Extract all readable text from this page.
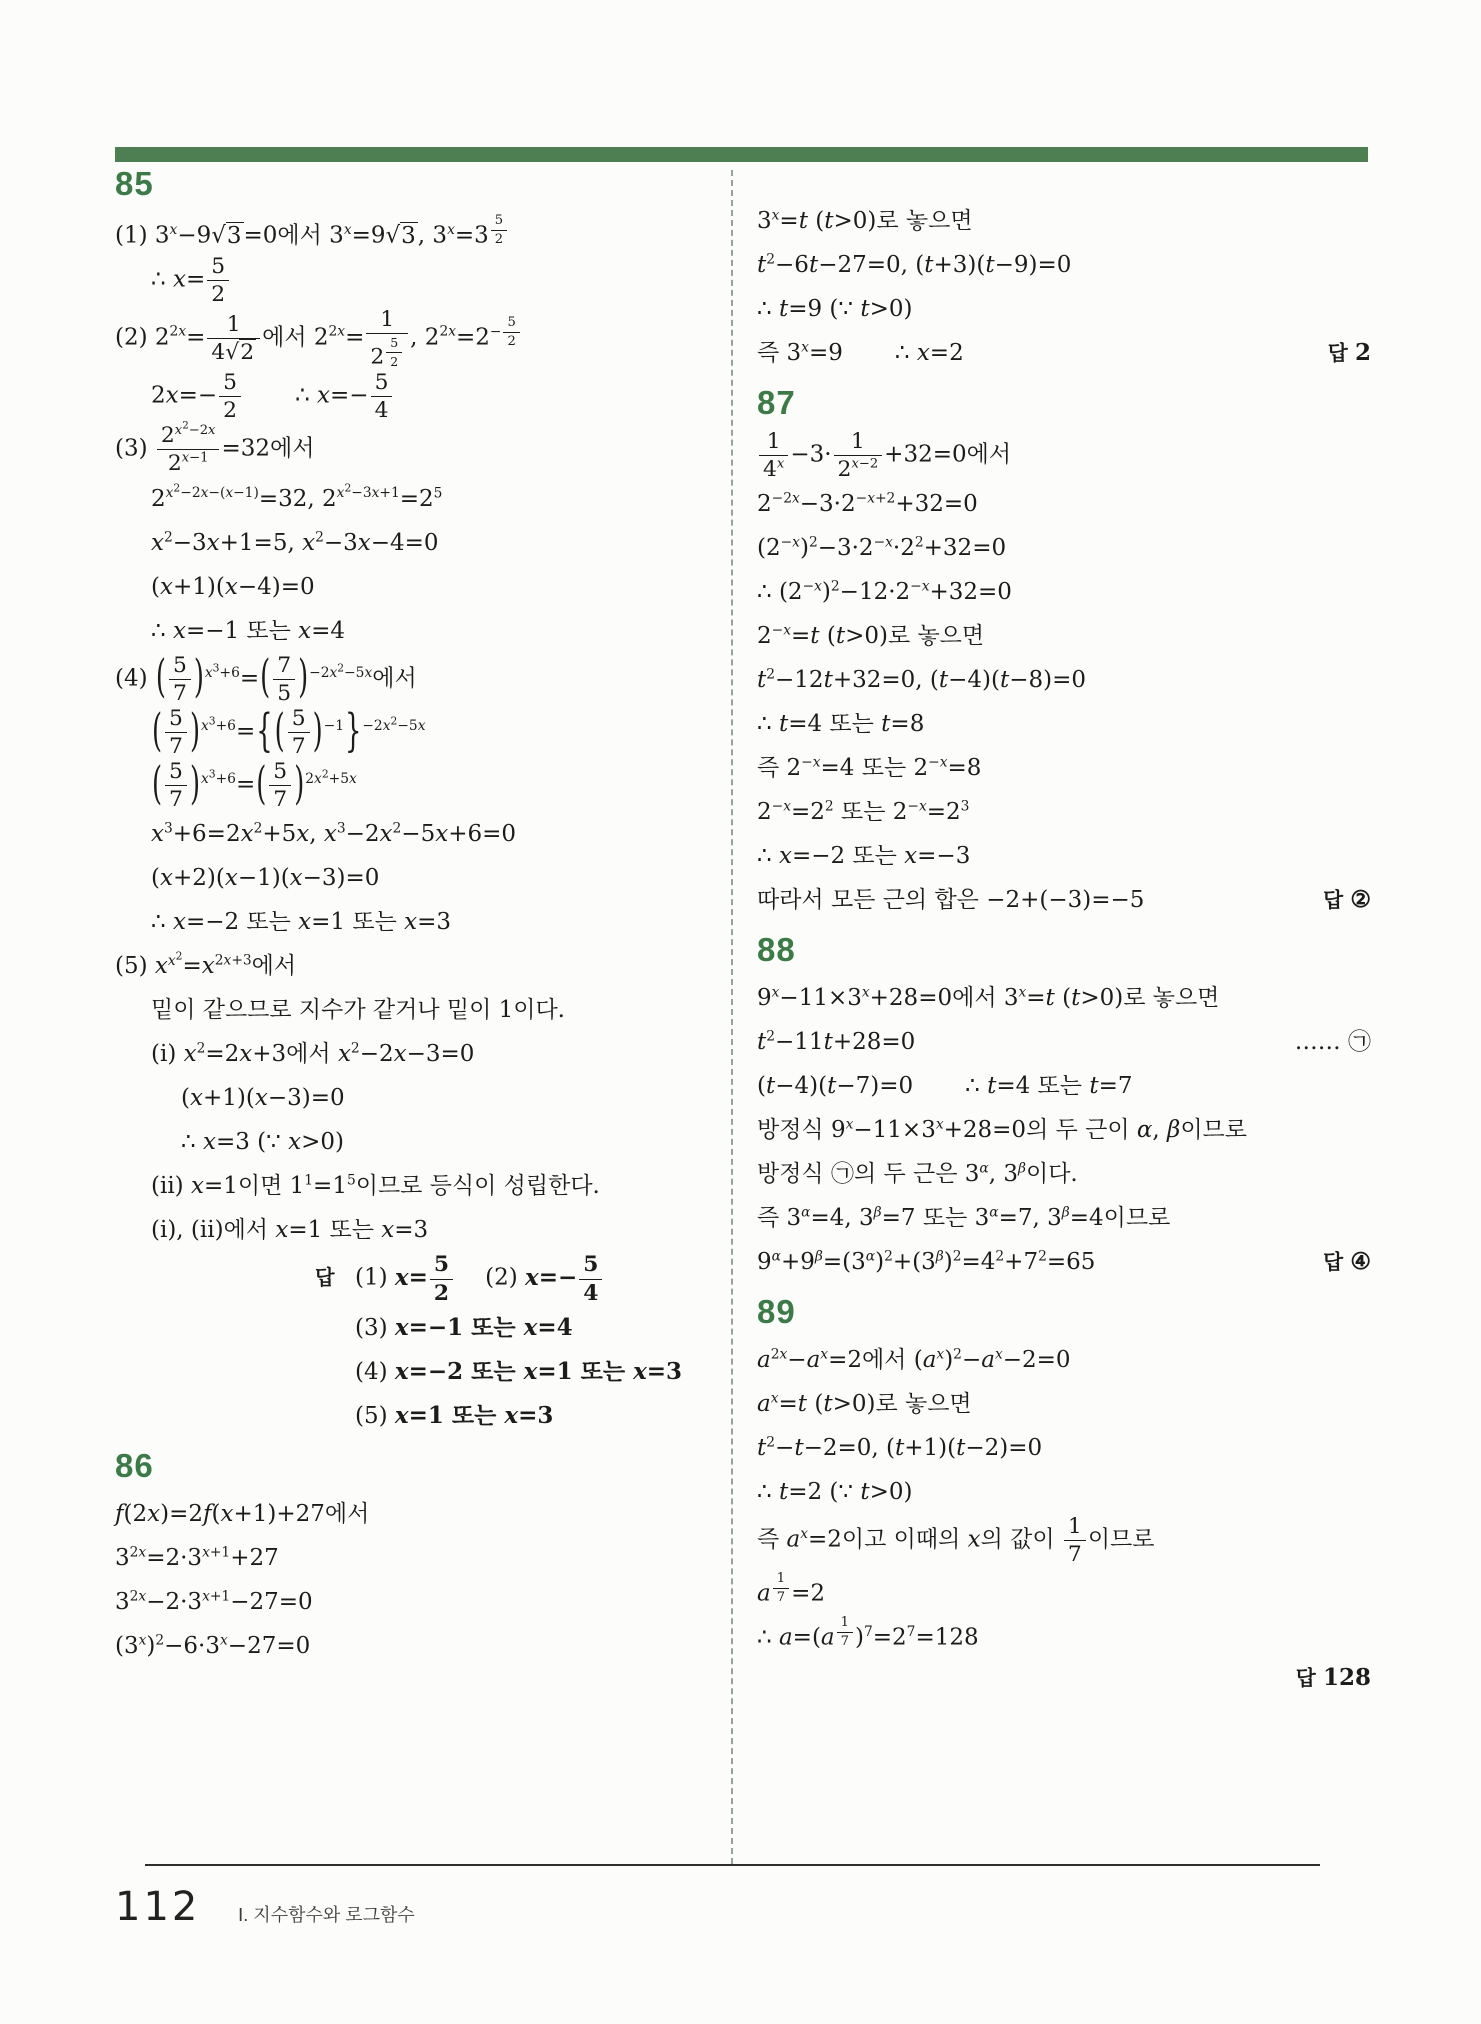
85
(1) $3^x-9√3=0$에서 $3^x=9√3$, $3^x=3$ $^{\frac{5}{2}}$
∴ $x= \frac{5}{2}$
(2) $2^{2x}= \frac{1}{4√2}$ 에서 $2^{2x}= 1$
2 $^{\frac{5}{2}}$ , $2^{2x}=2^{- \frac{5}{2}}$
$2x=- \frac{5}{2}$ ∴ $x=- \frac{5}{4}$
$(3) \frac{2^{x^2-2x}}{2^{x-1}} =32$에서
$2^{x^2-2x-(x-1)}=32$, $2^{x^2-3x+1}=2^5$
$x^2-3x+1=5$, $x^2-3x-4=0$
(x+1)(x−4)=0
∴ x=−1 또는 x=4
(4) ( $\frac{5}{7} )^{x^3+6}=( \frac{7}{5} )^{-2x^2-5x}$에서
( $\frac{5}{7} )^{x^3+6}=\{( \frac{5}{7} )^{-1}\}^{-2x^2-5x}$
( $\frac{5}{7} )^{x^3+6}=( \frac{5}{7} )^{2x^2+5x}$
$x^3+6=2x^2+5x$, $x^3-2x^2-5x+6=0$
(x+2)(x−1)(x−3)=0
∴ x=−2 또는 x=1 또는 x=3
(5) $x^{x^2}=x^{2x+3}$에서
밑이 같으므로 지수가 같거나 밑이 1이다.
(i) $x^2=2x+3$에서 $x^2-2x-3=0$
(x+1)(x−3)=0
∴ x=3 (∵ x>0)
(ii) x=1이면 $1^1=1^5$이므로 등식이 성립한다.
(i), (ii)에서 x=1 또는 x=3
답 (1) $x= \frac{5}{2} (2)$ $x=- \frac{5}{4}$
(3) x=−1 또는 x=4
(4) x=−2 또는 x=1 또는 x=3
(5) x=1 또는 x=3
86
f(2x)=2f(x+1)+27에서
$3^{2x}=2\cdot 3^{x+1}+27$
$3^{2x}-2\cdot 3^{x+1}-27=0$
$(3^x)^2-6\cdot 3^x-27=0$
$3^x=t$ (t>0)로 놓으면
$t^2-6t-27=0$, (t+3)(t−9)=0
∴ t=9 (∵ t>0)
즉 $3^x=9$ ∴ x=2	답 2
87
$\frac{1}{4^x} -3\cdot \frac{1}{2^{x-2}} +32=0$에서
$2^{-2x}-3\cdot 2^{-x+2}+32=0$
$(2^{-x})^2-3\cdot 2^{-x}\cdot 2^2+32=0$
∴ $(2^{-x})^2-12\cdot 2^{-x}+32=0$
$2^{-x}=t$ (t>0)로 놓으면
$t^2-12t+32=0$, (t−4)(t−8)=0
∴ t=4 또는 t=8
즉 $2^{-x}=4$ 또는 $2^{-x}=8$
$2^{-x}=2^2$ 또는 $2^{-x}=2^3$
∴ x=−2 또는 x=−3
따라서 모든 근의 합은 −2+(−3)=−5	답 ②
88
$9^x-11\times 3^x+28=0$에서 $3^x=t$ (t>0)로 놓으면
$t^2-11t+28=0$	…… ㉠
(t−4)(t−7)=0 ∴ t=4 또는 t=7
방정식 $9^x-11\times 3^x+28=0$의 두 근이 α, β이므로
방정식 ㉠의 두 근은 $3^\alpha$, $3^\beta$이다.
즉 $3^\alpha=4$, $3^\beta=7$ 또는 $3^\alpha=7$, $3^\beta=4$이므로
$9^\alpha+9^\beta=(3^\alpha)^2+(3^\beta)^2=4^2+7^2=65$	답 ④
89
$a^{2x}-a^x=2$에서 $(a^x)^2-a^x-2=0$
$a^x=t$ (t>0)로 놓으면
$t^2-t-2=0$, (t+1)(t−2)=0
∴ t=2 (∵ t>0)
즉 $a^x=2$이고 이때의 x의 값이 $\frac{1}{7}$ 이므로
a $^{\frac{1}{7}}$ =2
∴ a=(a $^{\frac{1}{7}}$ )$^7=2^7=128$
답 128
112 Ⅰ. 지수함수와 로그함수
